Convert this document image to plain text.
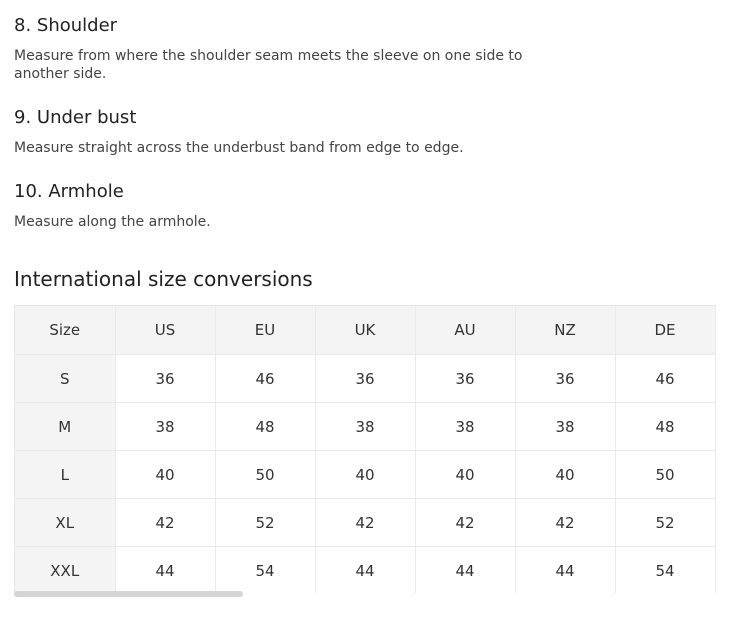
8. Shoulder

Measure from where the shoulder seam meets the sleeve on one side to another side.

9. Under bust

Measure straight across the underbust band from edge to edge.

10. Armhole

Measure along the armhole.

International size conversions

Size	US	EU	UK	AU	NZ	DE
S	36	46	36	36	36	46
M	38	48	38	38	38	48
L	40	50	40	40	40	50
XL	42	52	42	42	42	52
XXL	44	54	44	44	44	54
